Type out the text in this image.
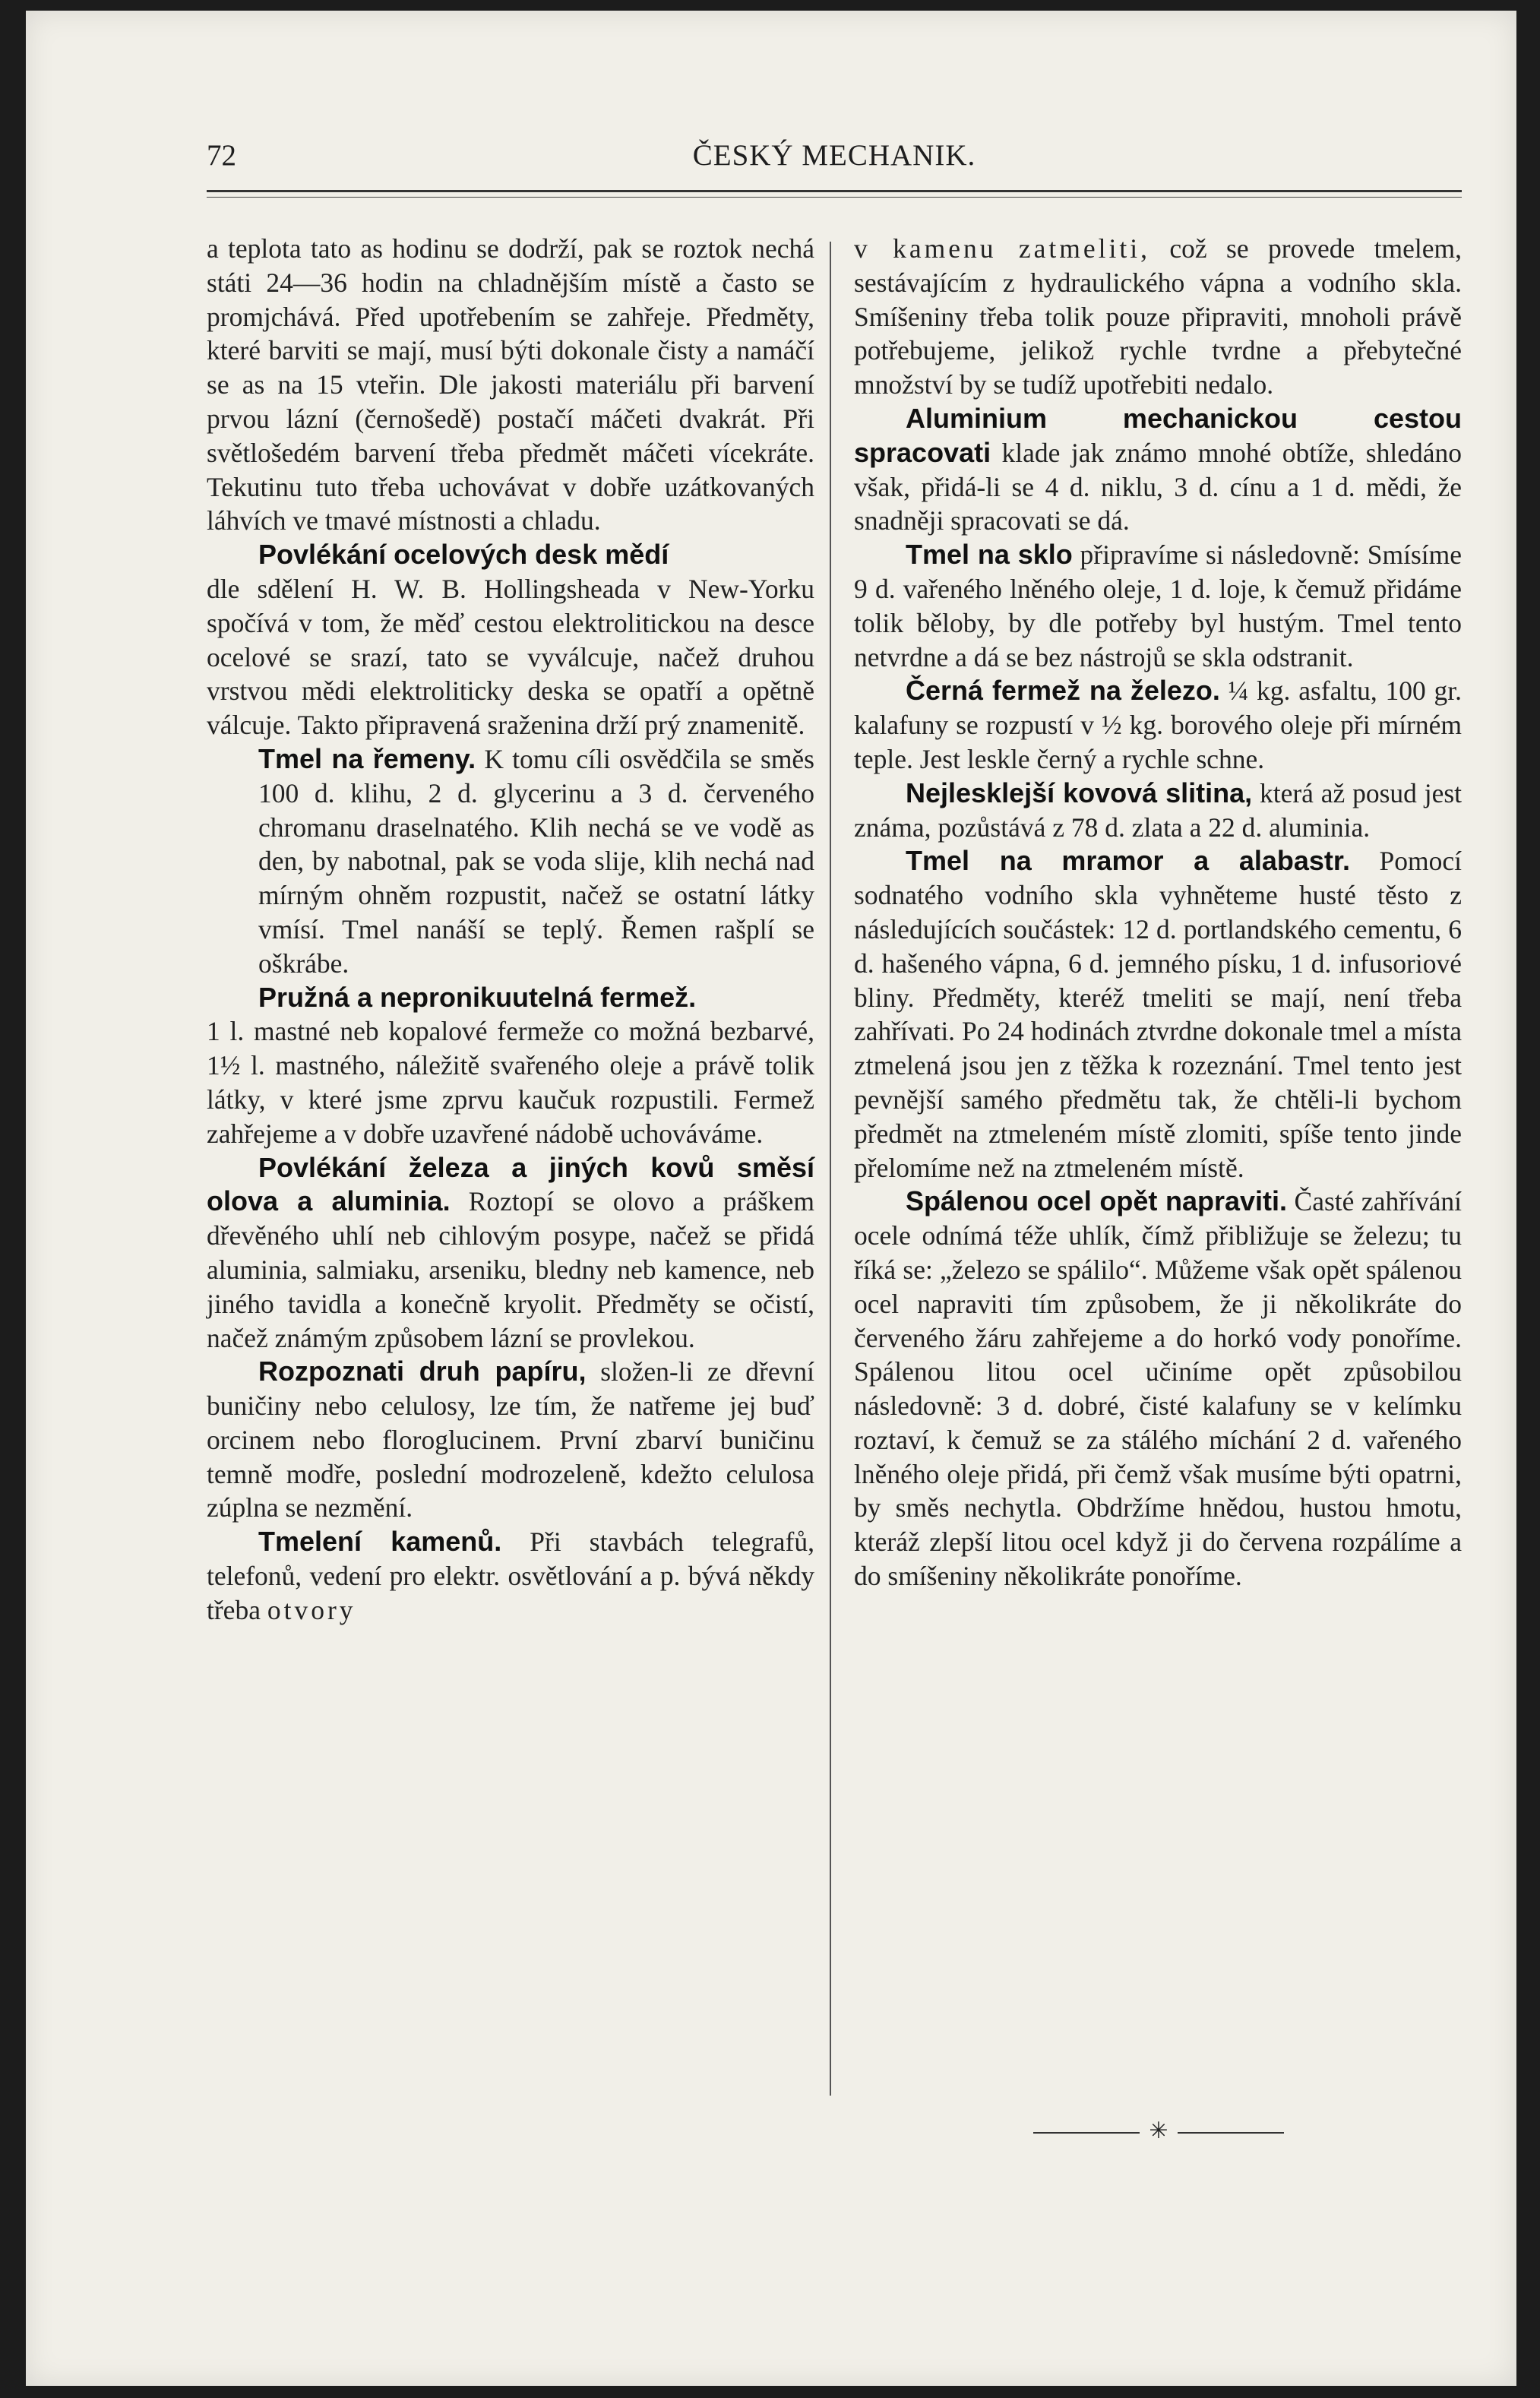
72	ČESKÝ MECHANIK.

a teplota tato as hodinu se dodrží, pak se roztok nechá státi 24—36 hodin na chladnějším místě a často se promjchává. Před upotřebením se zahřeje. Předměty, které barviti se mají, musí býti dokonale čisty a namáčí se as na 15 vteřin. Dle jakosti materiálu při barvení prvou lázní (černošedě) postačí máčeti dvakrát. Při světlošedém barvení třeba předmět máčeti vícekráte. Tekutinu tuto třeba uchovávat v dobře uzátkovaných láhvích ve tmavé místnosti a chladu.

Povlékání ocelových desk mědí

dle sdělení H. W. B. Hollingsheada v New-Yorku spočívá v tom, že měď cestou elektrolitickou na desce ocelové se srazí, tato se vyválcuje, načež druhou vrstvou mědi elektroliticky deska se opatří a opětně válcuje. Takto připravená sraženina drží prý znamenitě.

Tmel na řemeny. K tomu cíli osvědčila se směs 100 d. klihu, 2 d. glycerinu a 3 d. červeného chromanu draselnatého. Klih nechá se ve vodě as den, by nabotnal, pak se voda slije, klih nechá nad mírným ohněm rozpustit, načež se ostatní látky vmísí. Tmel nanáší se teplý. Řemen rašplí se oškrábe.

Pružná a nepronikuutelná fermež.

1 l. mastné neb kopalové fermeže co možná bezbarvé, 1½ l. mastného, náležitě svařeného oleje a právě tolik látky, v které jsme zprvu kaučuk rozpustili. Fermež zahřejeme a v dobře uzavřené nádobě uchováváme.

Povlékání železa a jiných kovů směsí olova a aluminia. Roztopí se olovo a práškem dřevěného uhlí neb cihlovým posype, načež se přidá aluminia, salmiaku, arseniku, bledny neb kamence, neb jiného tavidla a konečně kryolit. Předměty se očistí, načež známým způsobem lázní se provlekou.

Rozpoznati druh papíru, složen-li ze dřevní buničiny nebo celulosy, lze tím, že natřeme jej buď orcinem nebo floroglucinem. První zbarví buničinu temně modře, poslední modrozeleně, kdežto celulosa zúplna se nezmění.

Tmelení kamenů. Při stavbách telegrafů, telefonů, vedení pro elektr. osvětlování a p. bývá někdy třeba otvory

v kamenu zatmeliti, což se provede tmelem, sestávajícím z hydraulického vápna a vodního skla. Smíšeniny třeba tolik pouze připraviti, mnoholi právě potřebujeme, jelikož rychle tvrdne a přebytečné množství by se tudíž upotřebiti nedalo.

Aluminium mechanickou cestou spracovati klade jak známo mnohé obtíže, shledáno však, přidá-li se 4 d. niklu, 3 d. cínu a 1 d. mědi, že snadněji spracovati se dá.

Tmel na sklo připravíme si následovně: Smísíme 9 d. vařeného lněného oleje, 1 d. loje, k čemuž přidáme tolik běloby, by dle potřeby byl hustým. Tmel tento netvrdne a dá se bez nástrojů se skla odstranit.

Černá fermež na železo. ¼ kg. asfaltu, 100 gr. kalafuny se rozpustí v ½ kg. borového oleje při mírném teple. Jest leskle černý a rychle schne.

Nejlesklejší kovová slitina, která až posud jest známa, pozůstává z 78 d. zlata a 22 d. aluminia.

Tmel na mramor a alabastr. Pomocí sodnatého vodního skla vyhněteme husté těsto z následujících součástek: 12 d. portlandského cementu, 6 d. hašeného vápna, 6 d. jemného písku, 1 d. infusoriové bliny. Předměty, kteréž tmeliti se mají, není třeba zahřívati. Po 24 hodinách ztvrdne dokonale tmel a místa ztmelená jsou jen z těžka k rozeznání. Tmel tento jest pevnější samého předmětu tak, že chtěli-li bychom předmět na ztmeleném místě zlomiti, spíše tento jinde přelomíme než na ztmeleném místě.

Spálenou ocel opět napraviti. Časté zahřívání ocele odnímá téže uhlík, čímž přibližuje se železu; tu říká se: „železo se spálilo“. Můžeme však opět spálenou ocel napraviti tím způsobem, že ji několikráte do červeného žáru zahřejeme a do horkó vody ponoříme. Spálenou litou ocel učiníme opět způsobilou následovně: 3 d. dobré, čisté kalafuny se v kelímku roztaví, k čemuž se za stálého míchání 2 d. vařeného lněného oleje přidá, při čemž však musíme býti opatrni, by směs nechytla. Obdržíme hnědou, hustou hmotu, kteráž zlepší litou ocel když ji do červena rozpálíme a do smíšeniny několikráte ponoříme.

✳
